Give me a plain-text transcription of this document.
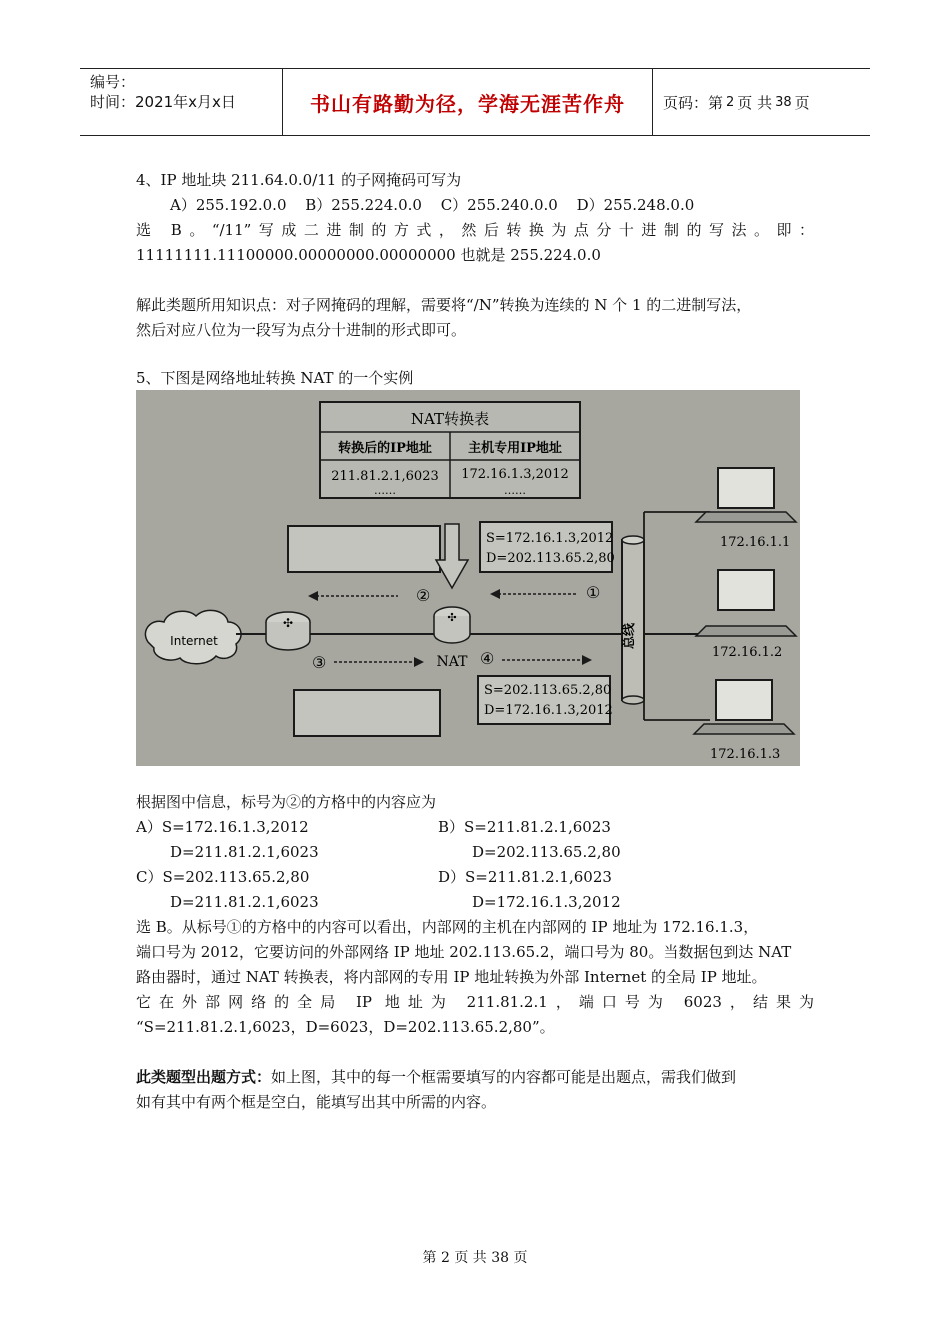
编号：
时间：2021年x月x日	书山有路勤为径，学海无涯苦作舟	页码：第 2 页 共 38 页
4、IP 地址块 211.64.0.0/11 的子网掩码可写为
A）255.192.0.0 B）255.224.0.0 C）255.240.0.0 D）255.248.0.0
选 B。“/11”写成二进制的方式，然后转换为点分十进制的写法。即：
11111111.11100000.00000000.00000000 也就是 255.224.0.0
解此类题所用知识点：对子网掩码的理解，需要将“/N”转换为连续的 N 个 1 的二进制写法，
然后对应八位为一段写为点分十进制的形式即可。
5、下图是网络地址转换 NAT 的一个实例
NAT转换表
转换后的IP地址	主机专用IP地址
211.81.2.1,6023 172.16.1.3,2012
……	……
S=172.16.1.3,2012
D=202.113.65.2,80
②	①
Internet
✣	✣
NAT
③	④
S=202.113.65.2,80
D=172.16.1.3,2012
总线
172.16.1.1
172.16.1.2
172.16.1.3
根据图中信息，标号为②的方格中的内容应为
A）S=172.16.1.3,2012	B）S=211.81.2.1,6023
D=211.81.2.1,6023	D=202.113.65.2,80
C）S=202.113.65.2,80	D）S=211.81.2.1,6023
D=211.81.2.1,6023	D=172.16.1.3,2012
选 B。从标号①的方格中的内容可以看出，内部网的主机在内部网的 IP 地址为 172.16.1.3，
端口号为 2012，它要访问的外部网络 IP 地址 202.113.65.2，端口号为 80。当数据包到达 NAT
路由器时，通过 NAT 转换表，将内部网的专用 IP 地址转换为外部 Internet 的全局 IP 地址。
它在外部网络的全局 IP 地址为 211.81.2.1，端口号为 6023，结果为
“S=211.81.2.1,6023，D=6023，D=202.113.65.2,80”。
此类题型出题方式：如上图，其中的每一个框需要填写的内容都可能是出题点，需我们做到
如有其中有两个框是空白，能填写出其中所需的内容。
第 2 页 共 38 页
